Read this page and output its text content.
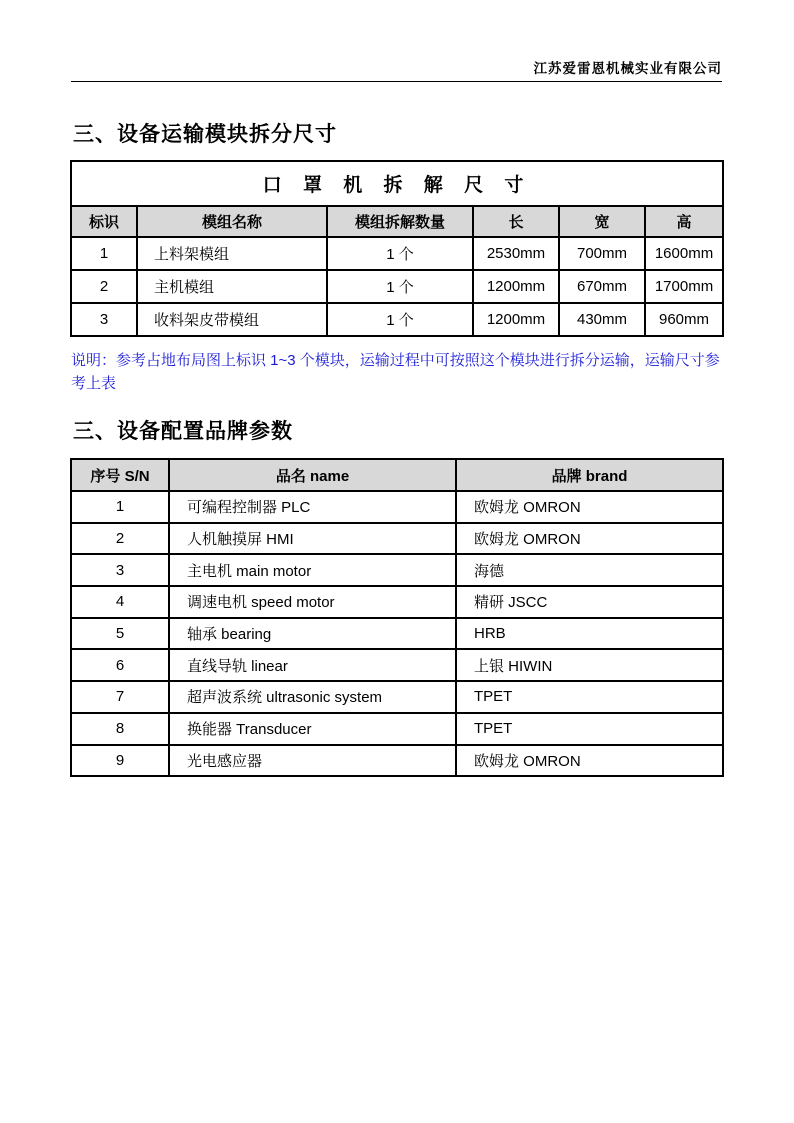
江苏爱雷恩机械实业有限公司
三、设备运输模块拆分尺寸
口 罩 机 拆 解 尺 寸					
标识	模组名称	模组拆解数量	长	宽	高
1	上料架模组	1 个	2530mm	700mm	1600mm
2	主机模组	1 个	1200mm	670mm	1700mm
3	收料架皮带模组	1 个	1200mm	430mm	960mm
说明：参考占地布局图上标识 1~3 个模块，运输过程中可按照这个模块进行拆分运输，运输尺寸参考上表
三、设备配置品牌参数
序号 S/N	品名 name	品牌 brand
1	可编程控制器 PLC	欧姆龙 OMRON
2	人机触摸屏 HMI	欧姆龙 OMRON
3	主电机 main motor	海德
4	调速电机 speed motor	精研 JSCC
5	轴承 bearing	HRB
6	直线导轨 linear	上银 HIWIN
7	超声波系统 ultrasonic system	TPET
8	换能器 Transducer	TPET
9	光电感应器	欧姆龙 OMRON
